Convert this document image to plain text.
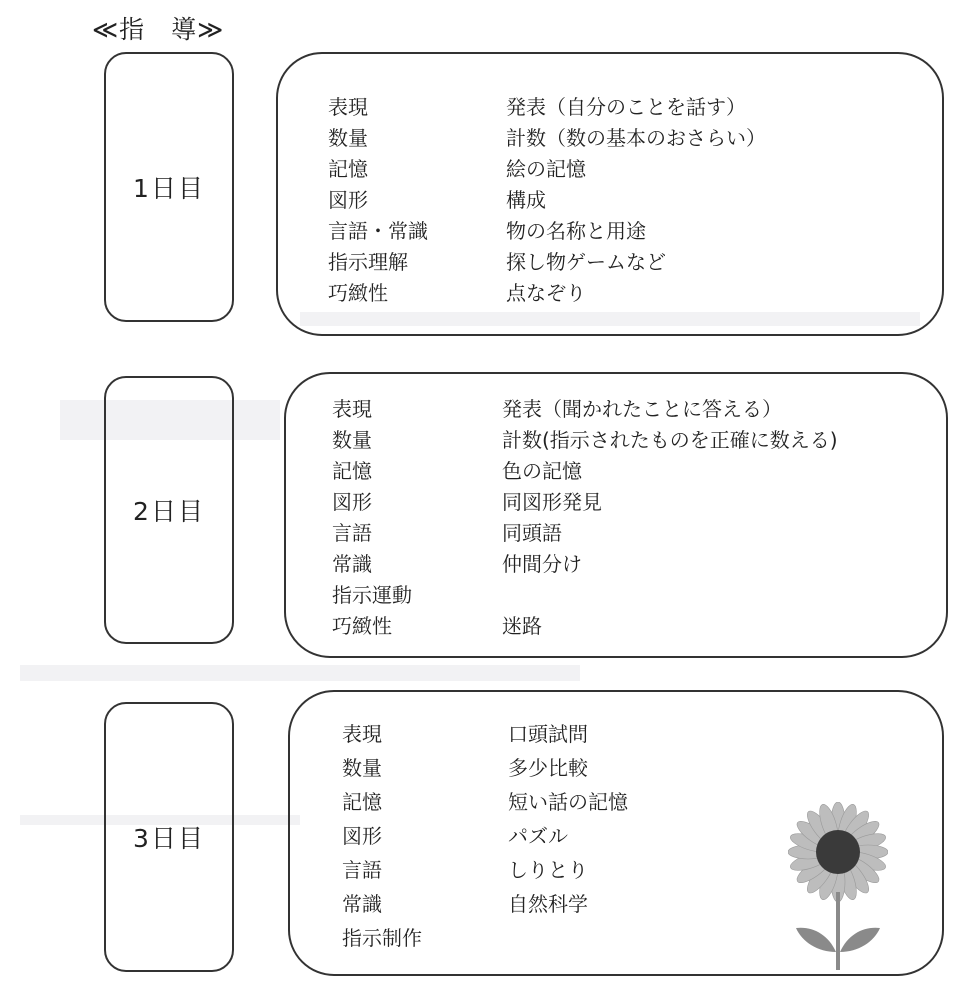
≪指　導≫
1日目
表現	発表（自分のことを話す）
数量	計数（数の基本のおさらい）
記憶	絵の記憶
図形	構成
言語・常識	物の名称と用途
指示理解	探し物ゲームなど
巧緻性	点なぞり
2日目
表現	発表（聞かれたことに答える）
数量	計数(指示されたものを正確に数える)
記憶	色の記憶
図形	同図形発見
言語	同頭語
常識	仲間分け
指示運動
巧緻性	迷路
3日目
表現	口頭試問
数量	多少比較
記憶	短い話の記憶
図形	パズル
言語	しりとり
常識	自然科学
指示制作
